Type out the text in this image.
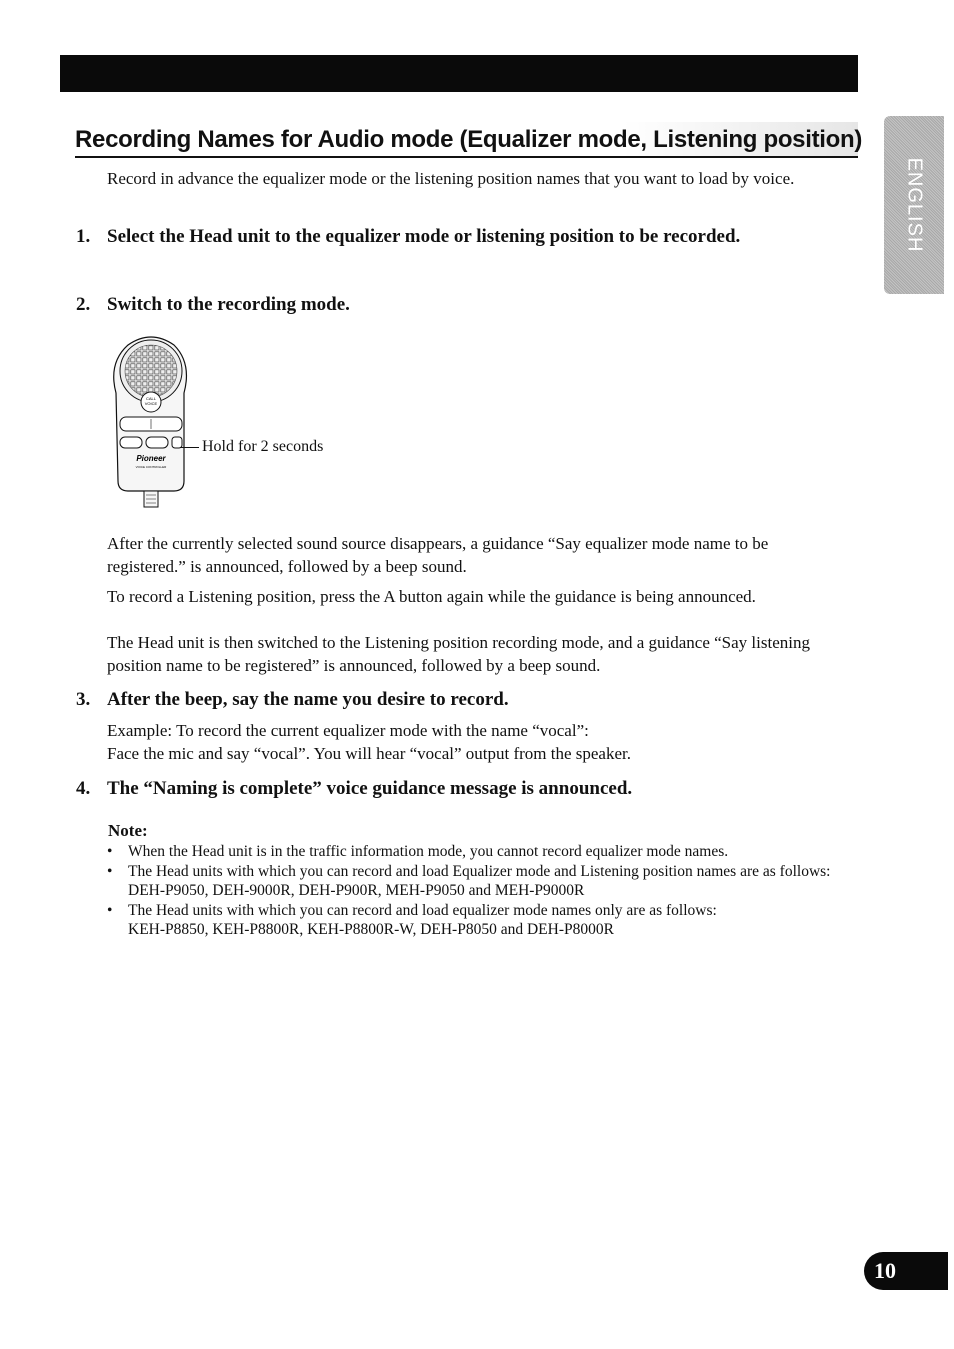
Recording Names for Audio mode (Equalizer mode, Listening position)
ENGLISH

Record in advance the equalizer mode or the listening position names that you want to load by voice.

1. Select the Head unit to the equalizer mode or listening position to be recorded.
2. Switch to the recording mode.
CALL
VOICE
Pioneer
VOICE CONTROLLER
Hold for 2 seconds

After the currently selected sound source disappears, a guidance “Say equalizer mode name to be registered.” is announced, followed by a beep sound.

To record a Listening position, press the A button again while the guidance is being announced.

The Head unit is then switched to the Listening position recording mode, and a guidance “Say listening position name to be registered” is announced, followed by a beep sound.

3. After the beep, say the name you desire to record.

Example: To record the current equalizer mode with the name “vocal”:

Face the mic and say “vocal”. You will hear “vocal” output from the speaker.

4. The “Naming is complete” voice guidance message is announced.
Note:
• When the Head unit is in the traffic information mode, you cannot record equalizer mode names.
• The Head units with which you can record and load Equalizer mode and Listening position names are as follows:
DEH-P9050, DEH-9000R, DEH-P900R, MEH-P9050 and MEH-P9000R
• The Head units with which you can record and load equalizer mode names only are as follows:
KEH-P8850, KEH-P8800R, KEH-P8800R-W, DEH-P8050 and DEH-P8000R
10
